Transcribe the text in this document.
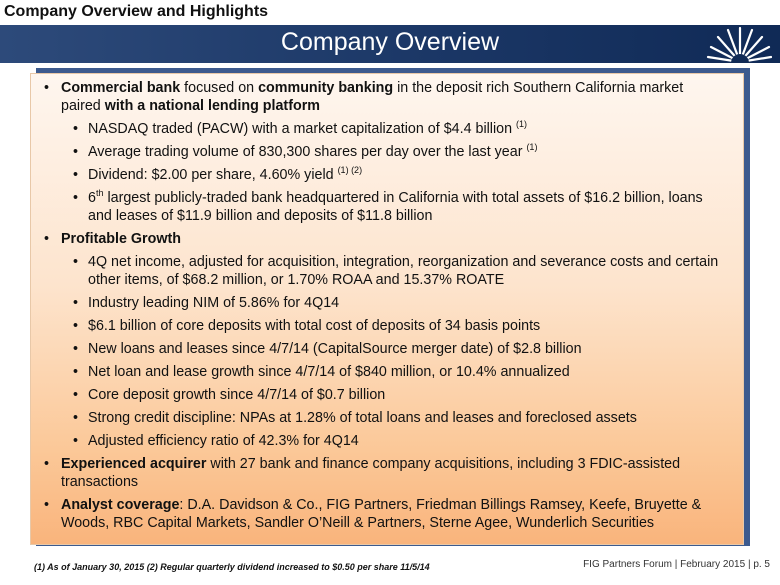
Company Overview and Highlights
Company Overview
• Commercial bank focused on community banking in the deposit rich Southern California market paired with a national lending platform
• NASDAQ traded (PACW) with a market capitalization of $4.4 billion $^{(1)}$
• Average trading volume of 830,300 shares per day over the last year $^{(1)}$
• Dividend: $2.00 per share, 4.60% yield $^{(1) (2)}$
• 6th largest publicly-traded bank headquartered in California with total assets of $16.2 billion, loans and leases of $11.9 billion and deposits of $11.8 billion
• Profitable Growth
• 4Q net income, adjusted for acquisition, integration, reorganization and severance costs and certain other items, of $68.2 million, or 1.70% ROAA and 15.37% ROATE
• Industry leading NIM of 5.86% for 4Q14
• $6.1 billion of core deposits with total cost of deposits of 34 basis points
• New loans and leases since 4/7/14 (CapitalSource merger date) of $2.8 billion
• Net loan and lease growth since 4/7/14 of $840 million, or 10.4% annualized
• Core deposit growth since 4/7/14 of $0.7 billion
• Strong credit discipline: NPAs at 1.28% of total loans and leases and foreclosed assets
• Adjusted efficiency ratio of 42.3% for 4Q14
• Experienced acquirer with 27 bank and finance company acquisitions, including 3 FDIC-assisted transactions
• Analyst coverage: D.A. Davidson & Co., FIG Partners, Friedman Billings Ramsey, Keefe, Bruyette & Woods, RBC Capital Markets, Sandler O’Neill & Partners, Sterne Agee, Wunderlich Securities
(1) As of January 30, 2015 (2) Regular quarterly dividend increased to $0.50 per share 11/5/14	FIG Partners Forum | February 2015 | p. 5
